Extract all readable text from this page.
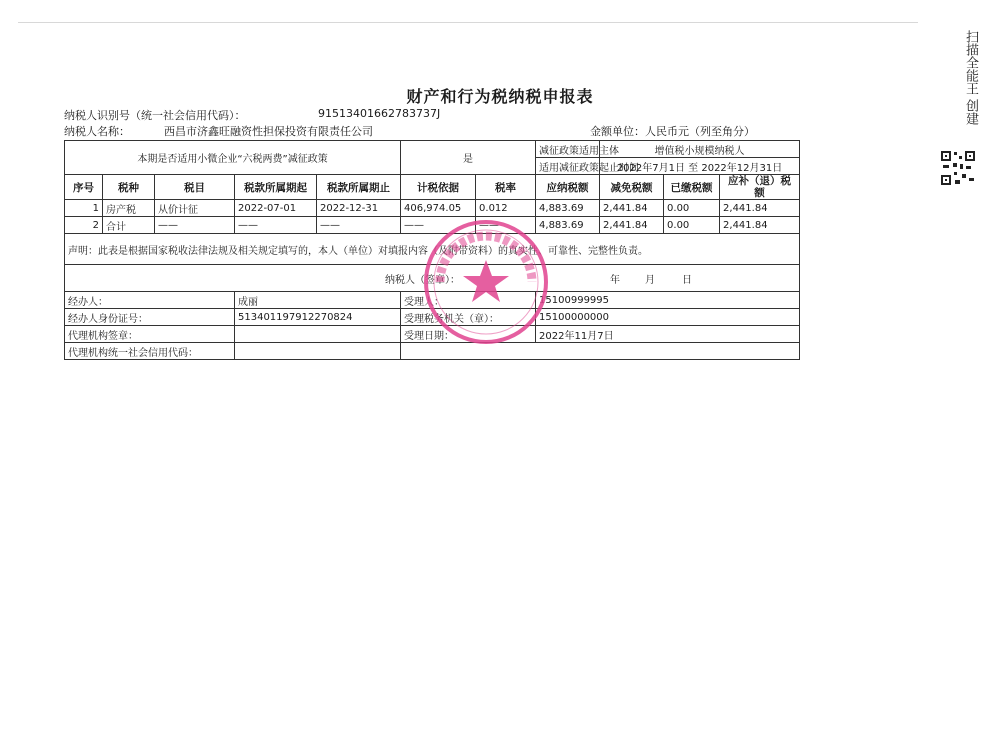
财产和行为税纳税申报表
纳税人识别号（统一社会信用代码）：	91513401662783737J
纳税人名称：	西昌市济鑫旺融资性担保投资有限责任公司	金额单位：人民币元（列至角分）
本期是否适用小微企业“六税两费”减征政策					是		减征政策适用主体	增值税小规模纳税人		
							适用减征政策起止时间	2022年7月1日 至 2022年12月31日		
序号	税种	税目	税款所属期起	税款所属期止	计税依据	税率	应纳税额	减免税额	已缴税额	应补（退）税额
1	房产税	从价计征	2022-07-01	2022-12-31	406,974.05	0.012	4,883.69	2,441.84	0.00	2,441.84
2	合计	——	——	——	——	——	4,883.69	2,441.84	0.00	2,441.84
声明：此表是根据国家税收法律法规及相关规定填写的，本人（单位）对填报内容（及附带资料）的真实性、可靠性、完整性负责。										

纳税人（签章）： 年 月 日										

经办人：			成丽		受理人：		15100999995			
经办人身份证号：			513401197912270824		受理税务机关（章）：		15100000000			
代理机构签章：					受理日期：		2022年11月7日			
代理机构统一社会信用代码：										
扫描全能王 创建
